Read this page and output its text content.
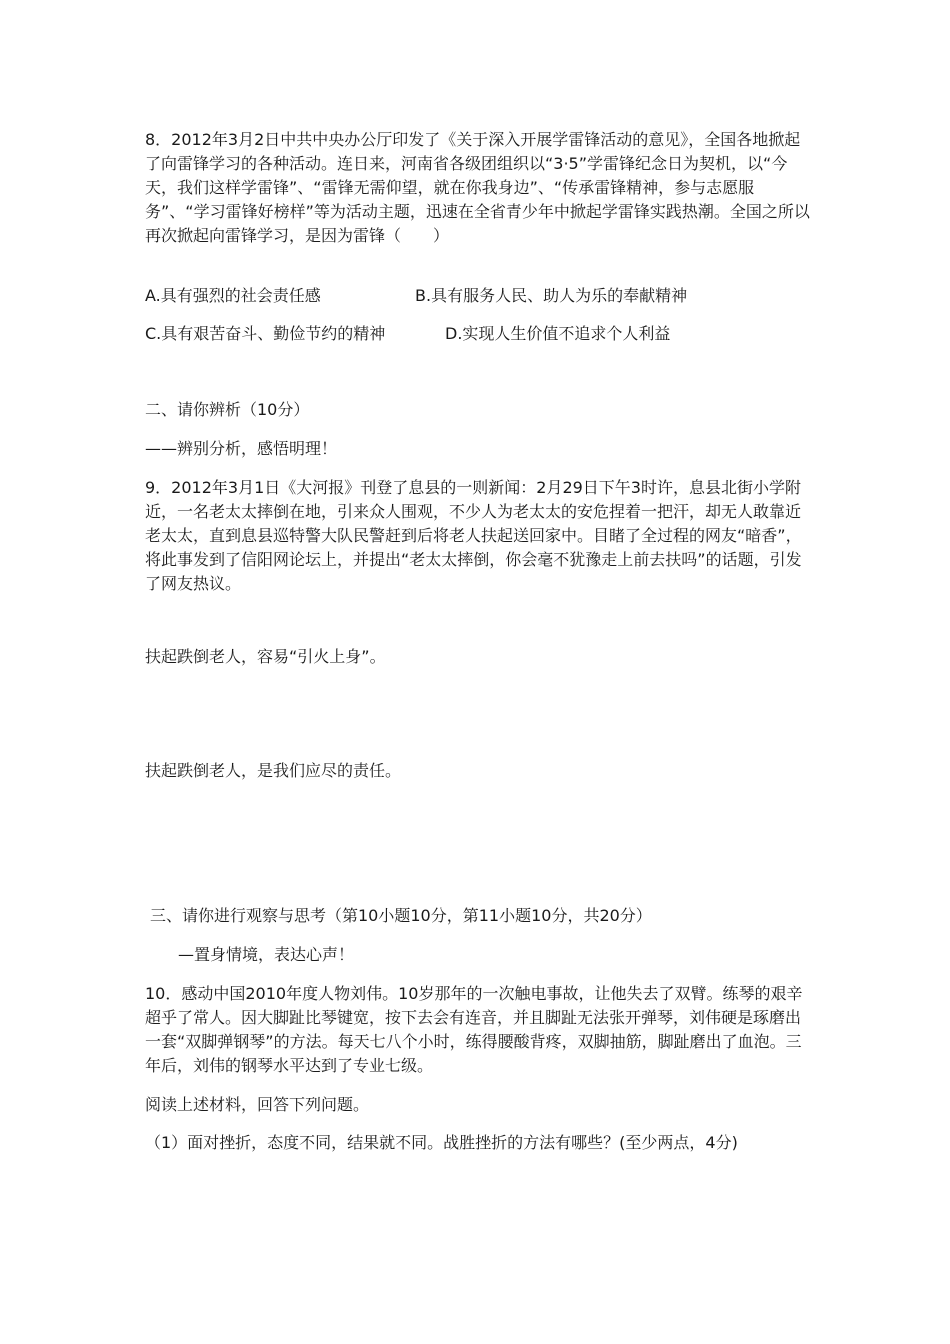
8．2012年3月2日中共中央办公厅印发了《关于深入开展学雷锋活动的意见》，全国各地掀起了向雷锋学习的各种活动。连日来，河南省各级团组织以“3·5”学雷锋纪念日为契机，以“今天，我们这样学雷锋”、“雷锋无需仰望，就在你我身边”、“传承雷锋精神，参与志愿服务”、“学习雷锋好榜样”等为活动主题，迅速在全省青少年中掀起学雷锋实践热潮。全国之所以再次掀起向雷锋学习，是因为雷锋（　　）

A.具有强烈的社会责任感	B.具有服务人民、助人为乐的奉献精神

C.具有艰苦奋斗、勤俭节约的精神	D.实现人生价值不追求个人利益

二、请你辨析（10分）

——辨别分析，感悟明理！

9．2012年3月1日《大河报》刊登了息县的一则新闻：2月29日下午3时许，息县北街小学附近，一名老太太摔倒在地，引来众人围观，不少人为老太太的安危捏着一把汗，却无人敢靠近老太太，直到息县巡特警大队民警赶到后将老人扶起送回家中。目睹了全过程的网友“暗香”，将此事发到了信阳网论坛上，并提出“老太太摔倒，你会毫不犹豫走上前去扶吗”的话题，引发了网友热议。

扶起跌倒老人，容易“引火上身”。

扶起跌倒老人，是我们应尽的责任。

三、请你进行观察与思考（第10小题10分，第11小题10分，共20分）

—置身情境，表达心声！

10．感动中国2010年度人物刘伟。10岁那年的一次触电事故，让他失去了双臂。练琴的艰辛超乎了常人。因大脚趾比琴键宽，按下去会有连音，并且脚趾无法张开弹琴，刘伟硬是琢磨出一套“双脚弹钢琴”的方法。每天七八个小时，练得腰酸背疼，双脚抽筋，脚趾磨出了血泡。三年后，刘伟的钢琴水平达到了专业七级。

阅读上述材料，回答下列问题。

（1）面对挫折，态度不同，结果就不同。战胜挫折的方法有哪些？(至少两点，4分)
